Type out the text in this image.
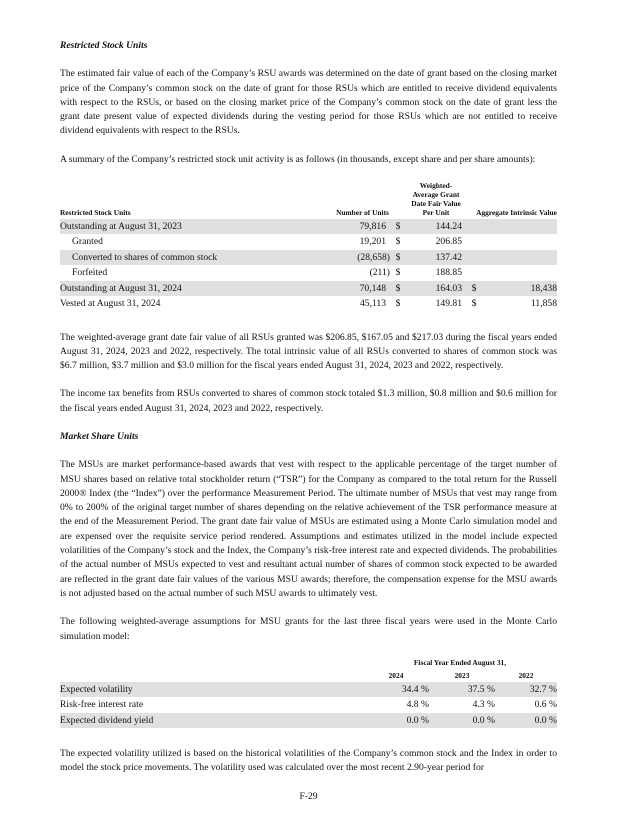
Restricted Stock Units

The estimated fair value of each of the Company’s RSU awards was determined on the date of grant based on the closing market price of the Company’s common stock on the date of grant for those RSUs which are entitled to receive dividend equivalents with respect to the RSUs, or based on the closing market price of the Company’s common stock on the date of grant less the grant date present value of expected dividends during the vesting period for those RSUs which are not entitled to receive dividend equivalents with respect to the RSUs.

A summary of the Company’s restricted stock unit activity is as follows (in thousands, except share and per share amounts):

Restricted Stock Units	Number of Units	Weighted-Average Grant Date Fair Value Per Unit		Aggregate Intrinsic Value	
Outstanding at August 31, 2023	79,816	$	144.24		
Granted	19,201	$	206.85		
Converted to shares of common stock	(28,658)	$	137.42		
Forfeited	(211)	$	188.85		
Outstanding at August 31, 2024	70,148	$	164.03	$	18,438
Vested at August 31, 2024	45,113	$	149.81	$	11,858

The weighted-average grant date fair value of all RSUs granted was $206.85, $167.05 and $217.03 during the fiscal years ended August 31, 2024, 2023 and 2022, respectively. The total intrinsic value of all RSUs converted to shares of common stock was $6.7 million, $3.7 million and $3.0 million for the fiscal years ended August 31, 2024, 2023 and 2022, respectively.

The income tax benefits from RSUs converted to shares of common stock totaled $1.3 million, $0.8 million and $0.6 million for the fiscal years ended August 31, 2024, 2023 and 2022, respectively.

Market Share Units

The MSUs are market performance-based awards that vest with respect to the applicable percentage of the target number of MSU shares based on relative total stockholder return (“TSR”) for the Company as compared to the total return for the Russell 2000® Index (the “Index”) over the performance Measurement Period. The ultimate number of MSUs that vest may range from 0% to 200% of the original target number of shares depending on the relative achievement of the TSR performance measure at the end of the Measurement Period. The grant date fair value of MSUs are estimated using a Monte Carlo simulation model and are expensed over the requisite service period rendered. Assumptions and estimates utilized in the model include expected volatilities of the Company’s stock and the Index, the Company’s risk-free interest rate and expected dividends. The probabilities of the actual number of MSUs expected to vest and resultant actual number of shares of common stock expected to be awarded are reflected in the grant date fair values of the various MSU awards; therefore, the compensation expense for the MSU awards is not adjusted based on the actual number of such MSU awards to ultimately vest.

The following weighted-average assumptions for MSU grants for the last three fiscal years were used in the Monte Carlo simulation model:

	Fiscal Year Ended August 31,		
	2024	2023	2022
Expected volatility	34.4 %	37.5 %	32.7 %
Risk-free interest rate	4.8 %	4.3 %	0.6 %
Expected dividend yield	0.0 %	0.0 %	0.0 %

The expected volatility utilized is based on the historical volatilities of the Company’s common stock and the Index in order to model the stock price movements. The volatility used was calculated over the most recent 2.90-year period for

F-29
